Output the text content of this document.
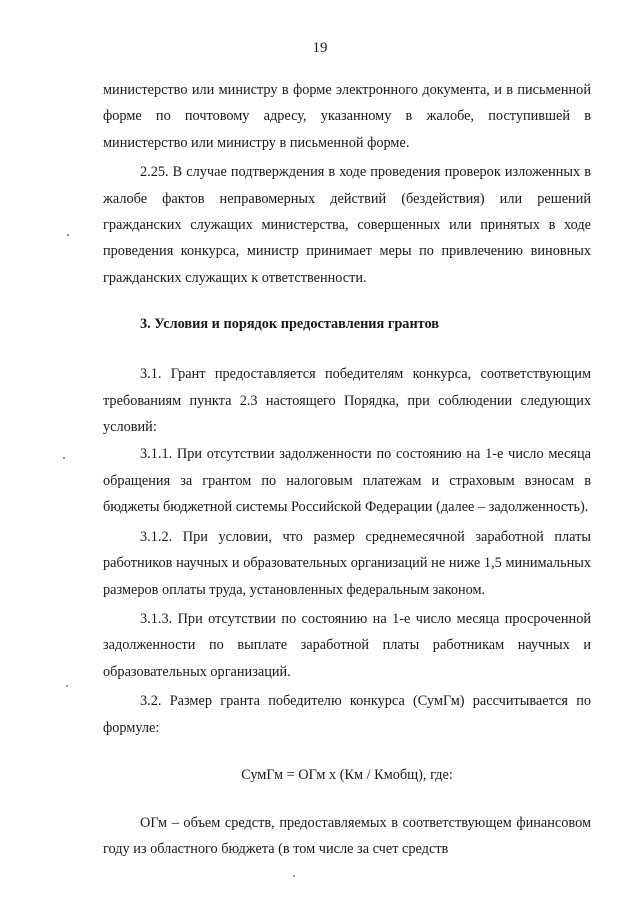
19

министерство или министру в форме электронного документа, и в письменной форме по почтовому адресу, указанному в жалобе, поступившей в министерство или министру в письменной форме.

2.25. В случае подтверждения в ходе проведения проверок изложенных в жалобе фактов неправомерных действий (бездействия) или решений гражданских служащих министерства, совершенных или принятых в ходе проведения конкурса, министр принимает меры по привлечению виновных гражданских служащих к ответственности.

3. Условия и порядок предоставления грантов

3.1. Грант предоставляется победителям конкурса, соответствующим требованиям пункта 2.3 настоящего Порядка, при соблюдении следующих условий:

3.1.1. При отсутствии задолженности по состоянию на 1-е число месяца обращения за грантом по налоговым платежам и страховым взносам в бюджеты бюджетной системы Российской Федерации (далее – задолженность).

3.1.2. При условии, что размер среднемесячной заработной платы работников научных и образовательных организаций не ниже 1,5 минимальных размеров оплаты труда, установленных федеральным законом.

3.1.3. При отсутствии по состоянию на 1-е число месяца просроченной задолженности по выплате заработной платы работникам научных и образовательных организаций.

3.2. Размер гранта победителю конкурса (СумГм) рассчитывается по формуле:

СумГм = ОГм x (Км / Кмобщ), где:

ОГм – объем средств, предоставляемых в соответствующем финансовом году из областного бюджета (в том числе за счет средств
